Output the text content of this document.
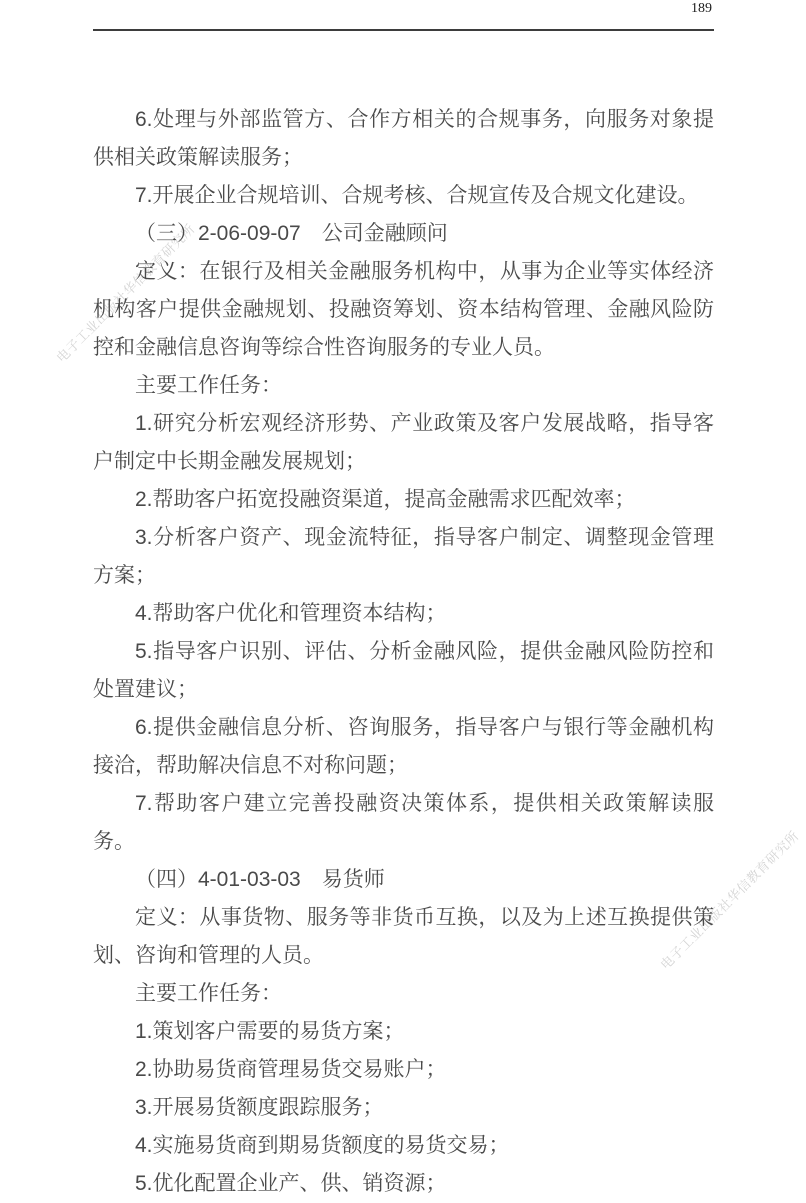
189
电子工业出版社华信教育研究所
电子工业出版社华信教育研究所

6.处理与外部监管方、合作方相关的合规事务，向服务对象提供相关政策解读服务；

7.开展企业合规培训、合规考核、合规宣传及合规文化建设。

（三）2-06-09-07　公司金融顾问

定义：在银行及相关金融服务机构中，从事为企业等实体经济机构客户提供金融规划、投融资筹划、资本结构管理、金融风险防控和金融信息咨询等综合性咨询服务的专业人员。

主要工作任务：

1.研究分析宏观经济形势、产业政策及客户发展战略，指导客户制定中长期金融发展规划；

2.帮助客户拓宽投融资渠道，提高金融需求匹配效率；

3.分析客户资产、现金流特征，指导客户制定、调整现金管理方案；

4.帮助客户优化和管理资本结构；

5.指导客户识别、评估、分析金融风险，提供金融风险防控和处置建议；

6.提供金融信息分析、咨询服务，指导客户与银行等金融机构接洽，帮助解决信息不对称问题；

7.帮助客户建立完善投融资决策体系，提供相关政策解读服务。

（四）4-01-03-03　易货师

定义：从事货物、服务等非货币互换，以及为上述互换提供策划、咨询和管理的人员。

主要工作任务：

1.策划客户需要的易货方案；

2.协助易货商管理易货交易账户；

3.开展易货额度跟踪服务；

4.实施易货商到期易货额度的易货交易；

5.优化配置企业产、供、销资源；
